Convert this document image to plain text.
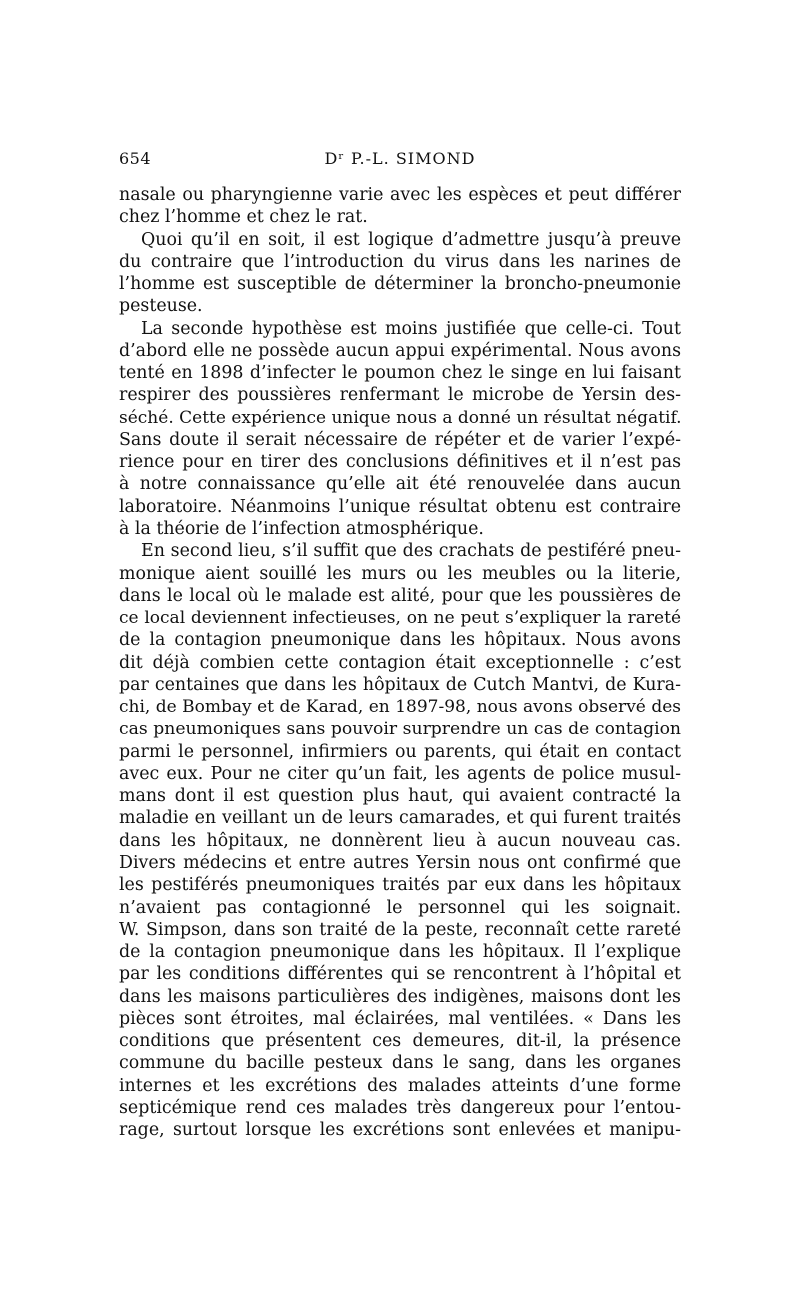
654	Dʳ P.-L. SIMOND
nasale ou pharyngienne varie avec les espèces et peut différer
chez l’homme et chez le rat.
Quoi qu’il en soit, il est logique d’admettre jusqu’à preuve
du contraire que l’introduction du virus dans les narines de
l’homme est susceptible de déterminer la broncho-pneumonie
pesteuse.
La seconde hypothèse est moins justifiée que celle-ci. Tout
d’abord elle ne possède aucun appui expérimental. Nous avons
tenté en 1898 d’infecter le poumon chez le singe en lui faisant
respirer des poussières renfermant le microbe de Yersin des-
séché. Cette expérience unique nous a donné un résultat négatif.
Sans doute il serait nécessaire de répéter et de varier l’expé-
rience pour en tirer des conclusions définitives et il n’est pas
à notre connaissance qu’elle ait été renouvelée dans aucun
laboratoire. Néanmoins l’unique résultat obtenu est contraire
à la théorie de l’infection atmosphérique.
En second lieu, s’il suffit que des crachats de pestiféré pneu-
monique aient souillé les murs ou les meubles ou la literie,
dans le local où le malade est alité, pour que les poussières de
ce local deviennent infectieuses, on ne peut s’expliquer la rareté
de la contagion pneumonique dans les hôpitaux. Nous avons
dit déjà combien cette contagion était exceptionnelle : c’est
par centaines que dans les hôpitaux de Cutch Mantvi, de Kura-
chi, de Bombay et de Karad, en 1897-98, nous avons observé des
cas pneumoniques sans pouvoir surprendre un cas de contagion
parmi le personnel, infirmiers ou parents, qui était en contact
avec eux. Pour ne citer qu’un fait, les agents de police musul-
mans dont il est question plus haut, qui avaient contracté la
maladie en veillant un de leurs camarades, et qui furent traités
dans les hôpitaux, ne donnèrent lieu à aucun nouveau cas.
Divers médecins et entre autres Yersin nous ont confirmé que
les pestiférés pneumoniques traités par eux dans les hôpitaux
n’avaient pas contagionné le personnel qui les soignait.
W. Simpson, dans son traité de la peste, reconnaît cette rareté
de la contagion pneumonique dans les hôpitaux. Il l’explique
par les conditions différentes qui se rencontrent à l’hôpital et
dans les maisons particulières des indigènes, maisons dont les
pièces sont étroites, mal éclairées, mal ventilées. « Dans les
conditions que présentent ces demeures, dit-il, la présence
commune du bacille pesteux dans le sang, dans les organes
internes et les excrétions des malades atteints d’une forme
septicémique rend ces malades très dangereux pour l’entou-
rage, surtout lorsque les excrétions sont enlevées et manipu-
